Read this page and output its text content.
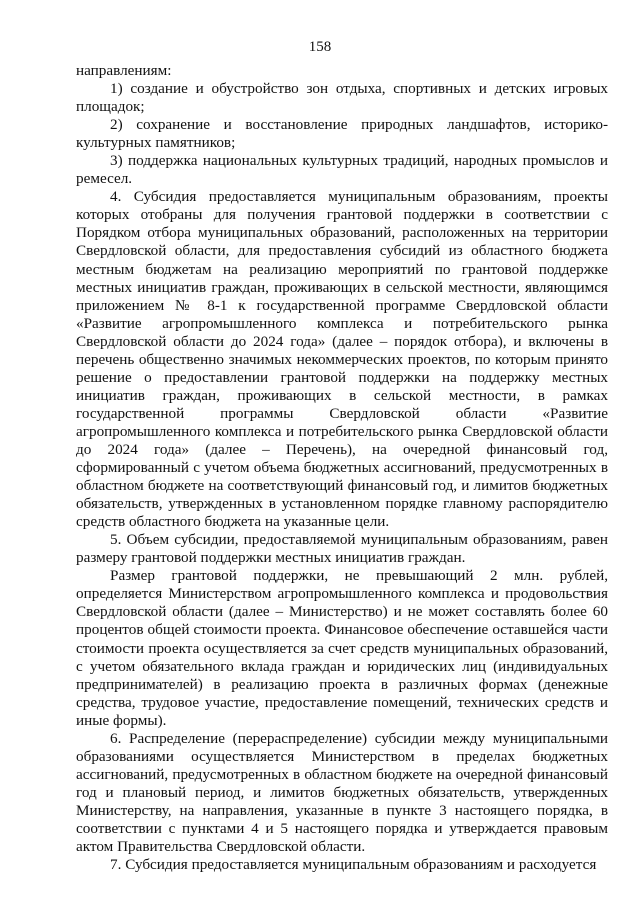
158

направлениям:

1) создание и обустройство зон отдыха, спортивных и детских игровых площадок;

2) сохранение и восстановление природных ландшафтов, историко-культурных памятников;

3) поддержка национальных культурных традиций, народных промыслов и ремесел.

4. Субсидия предоставляется муниципальным образованиям, проекты которых отобраны для получения грантовой поддержки в соответствии с Порядком отбора муниципальных образований, расположенных на территории Свердловской области, для предоставления субсидий из областного бюджета местным бюджетам на реализацию мероприятий по грантовой поддержке местных инициатив граждан, проживающих в сельской местности, являющимся приложением № 8-1 к государственной программе Свердловской области «Развитие агропромышленного комплекса и потребительского рынка Свердловской области до 2024 года» (далее – порядок отбора), и включены в перечень общественно значимых некоммерческих проектов, по которым принято решение о предоставлении грантовой поддержки на поддержку местных инициатив граждан, проживающих в сельской местности, в рамках государственной программы Свердловской области «Развитие агропромышленного комплекса и потребительского рынка Свердловской области до 2024 года» (далее – Перечень), на очередной финансовый год, сформированный с учетом объема бюджетных ассигнований, предусмотренных в областном бюджете на соответствующий финансовый год, и лимитов бюджетных обязательств, утвержденных в установленном порядке главному распорядителю средств областного бюджета на указанные цели.

5. Объем субсидии, предоставляемой муниципальным образованиям, равен размеру грантовой поддержки местных инициатив граждан.

Размер грантовой поддержки, не превышающий 2 млн. рублей, определяется Министерством агропромышленного комплекса и продовольствия Свердловской области (далее – Министерство) и не может составлять более 60 процентов общей стоимости проекта. Финансовое обеспечение оставшейся части стоимости проекта осуществляется за счет средств муниципальных образований, с учетом обязательного вклада граждан и юридических лиц (индивидуальных предпринимателей) в реализацию проекта в различных формах (денежные средства, трудовое участие, предоставление помещений, технических средств и иные формы).

6. Распределение (перераспределение) субсидии между муниципальными образованиями осуществляется Министерством в пределах бюджетных ассигнований, предусмотренных в областном бюджете на очередной финансовый год и плановый период, и лимитов бюджетных обязательств, утвержденных Министерству, на направления, указанные в пункте 3 настоящего порядка, в соответствии с пунктами 4 и 5 настоящего порядка и утверждается правовым актом Правительства Свердловской области.

7. Субсидия предоставляется муниципальным образованиям и расходуется
